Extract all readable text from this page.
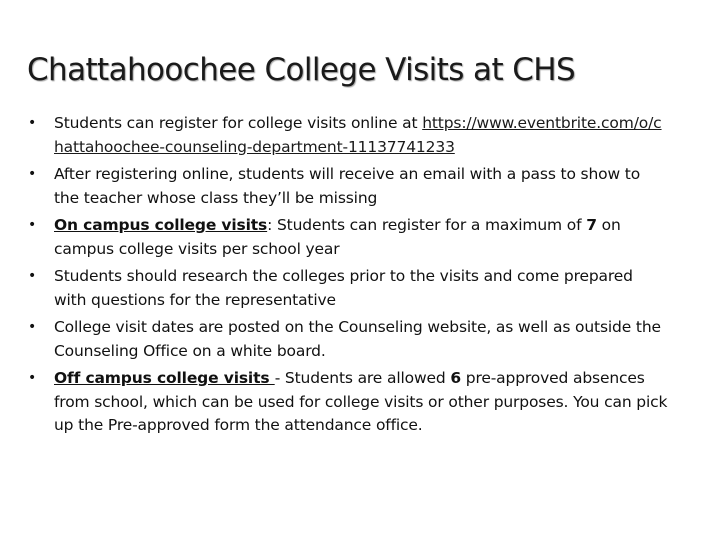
Chattahoochee College Visits at CHS
• Students can register for college visits online at https://www.eventbrite.com/o/chattahoochee-counseling-department-11137741233
• After registering online, students will receive an email with a pass to show to the teacher whose class they’ll be missing
• On campus college visits: Students can register for a maximum of 7 on campus college visits per school year
• Students should research the colleges prior to the visits and come prepared with questions for the representative
• College visit dates are posted on the Counseling website, as well as outside the Counseling Office on a white board.
• Off campus college visits - Students are allowed 6 pre-approved absences from school, which can be used for college visits or other purposes. You can pick up the Pre-approved form the attendance office.
